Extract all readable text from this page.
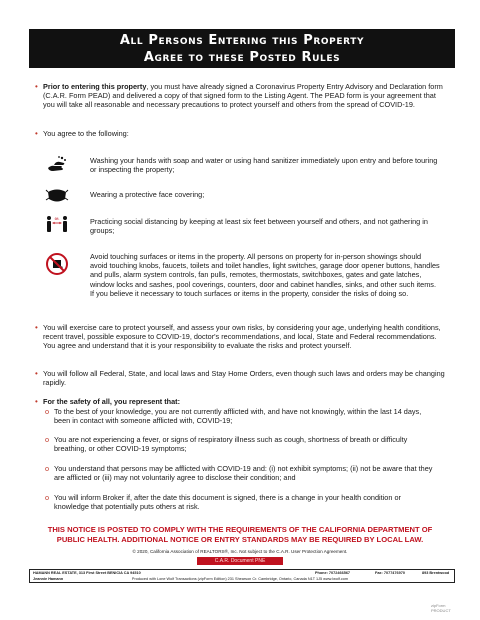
All Persons Entering this Property
Agree to these Posted Rules
• Prior to entering this property, you must have already signed a Coronavirus Property Entry Advisory and Declaration form (C.A.R. Form PEAD) and delivered a copy of that signed form to the Listing Agent. The PEAD form is your agreement that you will take all reasonable and necessary precautions to protect yourself and others from the spread of COVID-19.
• You agree to the following:
Washing your hands with soap and water or using hand sanitizer immediately upon entry and before touring or inspecting the property;
Wearing a protective face covering;
6ft.	Practicing social distancing by keeping at least six feet between yourself and others, and not gathering in groups;
Avoid touching surfaces or items in the property. All persons on property for in-person showings should avoid touching knobs, faucets, toilets and toilet handles, light switches, garage door opener buttons, handles and pulls, alarm system controls, fan pulls, remotes, thermostats, switchboxes, gates and gate latches, window locks and sashes, pool coverings, counters, door and cabinet handles, sinks, and other such items. If you believe it necessary to touch surfaces or items in the property, consider the risks of doing so.
• You will exercise care to protect yourself, and assess your own risks, by considering your age, underlying health conditions, recent travel, possible exposure to COVID-19, doctor's recommendations, and local, State and Federal recommendations. You agree and understand that it is your responsibility to evaluate the risks and protect yourself.
• You will follow all Federal, State, and local laws and Stay Home Orders, even though such laws and orders may be changing rapidly.
• For the safety of all, you represent that:
o To the best of your knowledge, you are not currently afflicted with, and have not knowingly, within the last 14 days, been in contact with someone afflicted with, COVID-19;
o You are not experiencing a fever, or signs of respiratory illness such as cough, shortness of breath or difficulty breathing, or other COVID-19 symptoms;
o You understand that persons may be afflicted with COVID-19 and: (i) not exhibit symptoms; (ii) not be aware that they are afflicted or (iii) may not voluntarily agree to disclose their condition; and
o You will inform Broker if, after the date this document is signed, there is a change in your health condition or knowledge that potentially puts others at risk.
THIS NOTICE IS POSTED TO COMPLY WITH THE REQUIREMENTS OF THE CALIFORNIA DEPARTMENT OF
PUBLIC HEALTH. ADDITIONAL NOTICE OR ENTRY STANDARDS MAY BE REQUIRED BY LOCAL LAW.
© 2020, California Association of REALTORS®, Inc. Not subject to the C.A.R. User Protection Agreement.
C.A.R. Document PNE
HAMANN REAL ESTATE, 313 First Street BENICIA CA 94510
Jeannie Hamann
Phone: 7072466567	Fax: 7077476970	893 Brentwood
Produced with Lone Wolf Transactions (zipForm Edition) 231 Shearson Cr. Cambridge, Ontario, Canada N1T 1J5 www.lwolf.com
zipForm
PRODUCT
